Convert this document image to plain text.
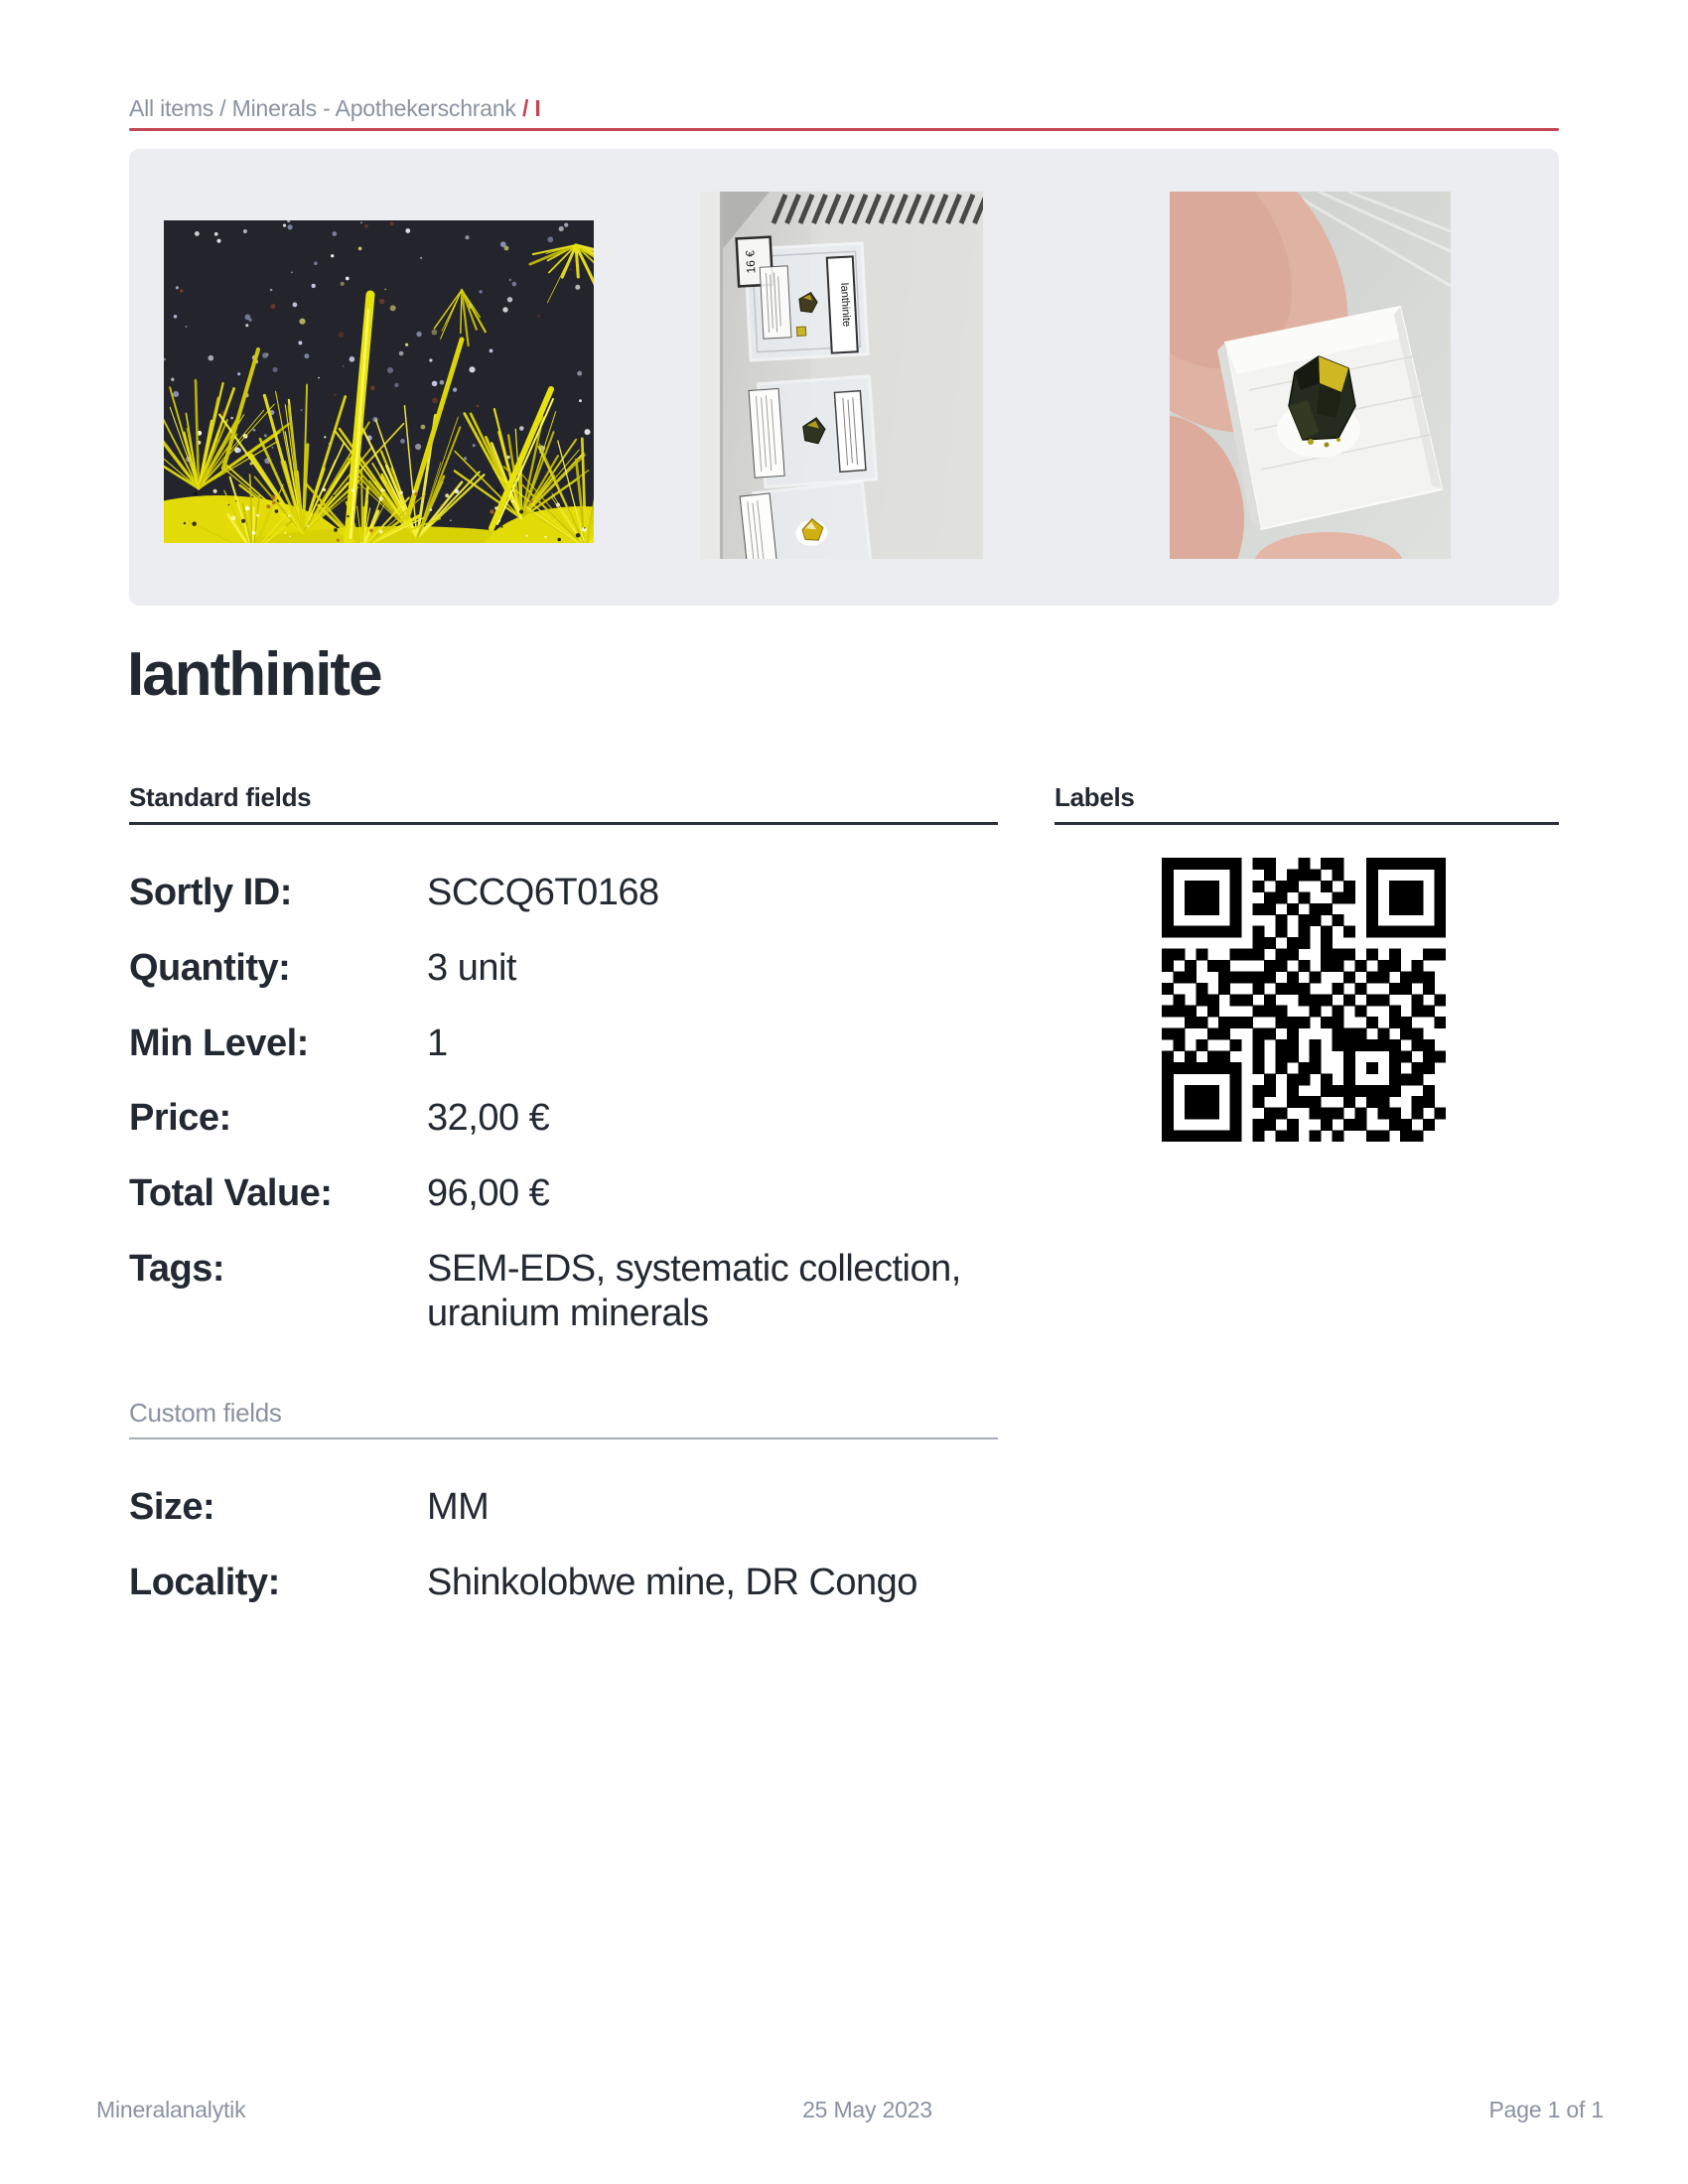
All items / Minerals - Apothekerschrank / I
16 €
Ianthinite
Ianthinite
Standard fields
Sortly ID:	SCCQ6T0168
Quantity:	3 unit
Min Level:	1
Price:	32,00 €
Total Value:	96,00 €
Tags:	SEM-EDS, systematic collection, uranium minerals
Custom fields
Size:	MM
Locality:	Shinkolobwe mine, DR Congo
Labels
Mineralanalytik	25 May 2023	Page 1 of 1
